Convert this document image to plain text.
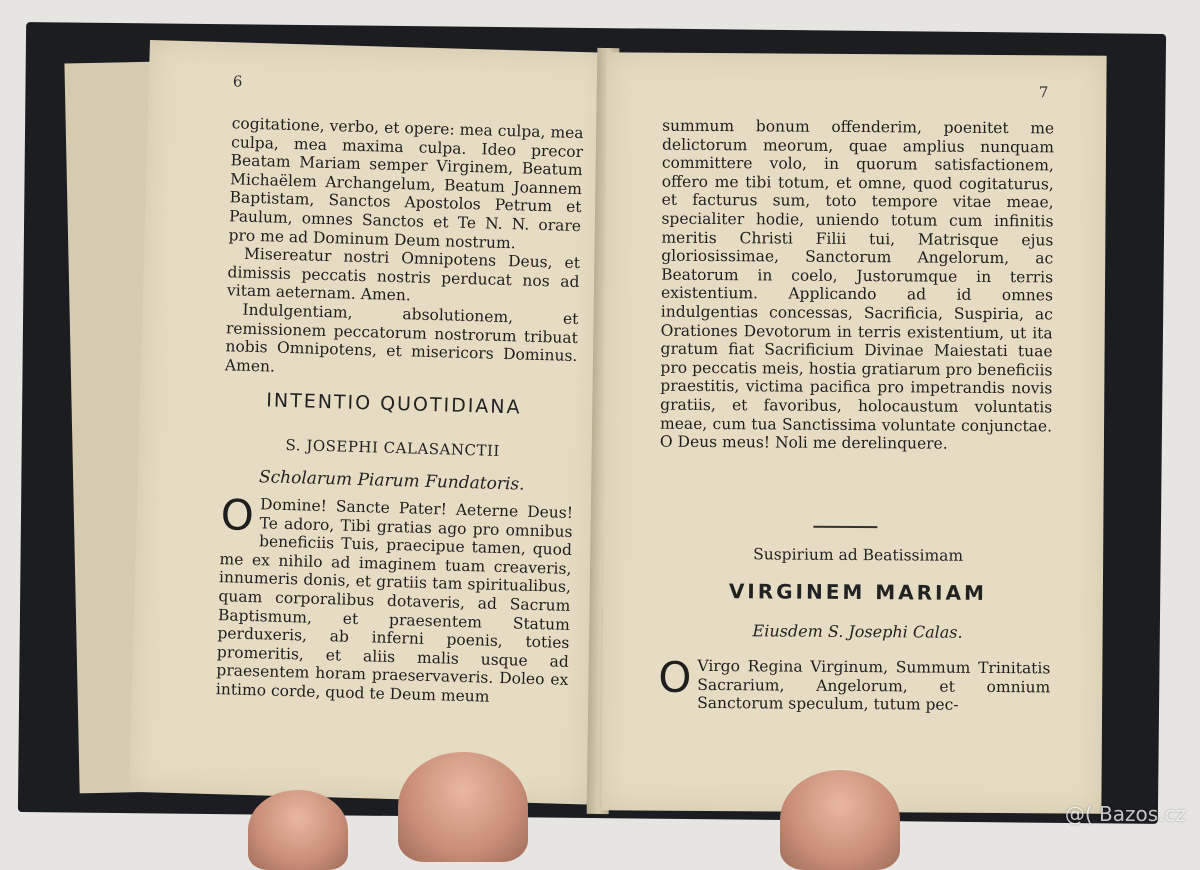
6

cogitatione, verbo, et opere: mea culpa, mea culpa, mea maxima culpa. Ideo precor Beatam Mariam semper Virginem, Beatum Michaëlem Archangelum, Beatum Joannem Baptistam, Sanctos Apostolos Petrum et Paulum, omnes Sanctos et Te N. N. orare pro me ad Dominum Deum nostrum.

Misereatur nostri Omnipotens Deus, et dimissis peccatis nostris perducat nos ad vitam aeternam. Amen.

Indulgentiam, absolutionem, et remissionem peccatorum nostrorum tribuat nobis Omnipotens, et misericors Dominus. Amen.

INTENTIO QUOTIDIANA
S. JOSEPHI CALASANCTII
Scholarum Piarum Fundatoris.
O Domine! Sancte Pater! Aeterne Deus! Te adoro, Tibi gratias ago pro omnibus beneficiis Tuis, praecipue tamen, quod me ex nihilo ad imaginem tuam creaveris, innumeris donis, et gratiis tam spiritualibus, quam corporalibus dotaveris, ad Sacrum Baptismum, et praesentem Statum perduxeris, ab inferni poenis, toties promeritis, et aliis malis usque ad praesentem horam praeservaveris. Doleo ex intimo corde, quod te Deum meum
7
summum bonum offenderim, poenitet me delictorum meorum, quae amplius nunquam committere volo, in quorum satisfactionem, offero me tibi totum, et omne, quod cogitaturus, et facturus sum, toto tempore vitae meae, specialiter hodie, uniendo totum cum infinitis meritis Christi Filii tui, Matrisque ejus gloriosissimae, Sanctorum Angelorum, ac Beatorum in coelo, Justorumque in terris existentium. Applicando ad id omnes indulgentias concessas, Sacrificia, Suspiria, ac Orationes Devotorum in terris existentium, ut ita gratum fiat Sacrificium Divinae Maiestati tuae pro peccatis meis, hostia gratiarum pro beneficiis praestitis, victima pacifica pro impetrandis novis gratiis, et favoribus, holocaustum voluntatis meae, cum tua Sanctissima voluntate conjunctae. O Deus meus! Noli me derelinquere.
Suspirium ad Beatissimam
VIRGINEM MARIAM
Eiusdem S. Josephi Calas.
O Virgo Regina Virginum, Summum Trinitatis Sacrarium, Angelorum, et omnium Sanctorum speculum, tutum pec-
@( Bazos.cz
